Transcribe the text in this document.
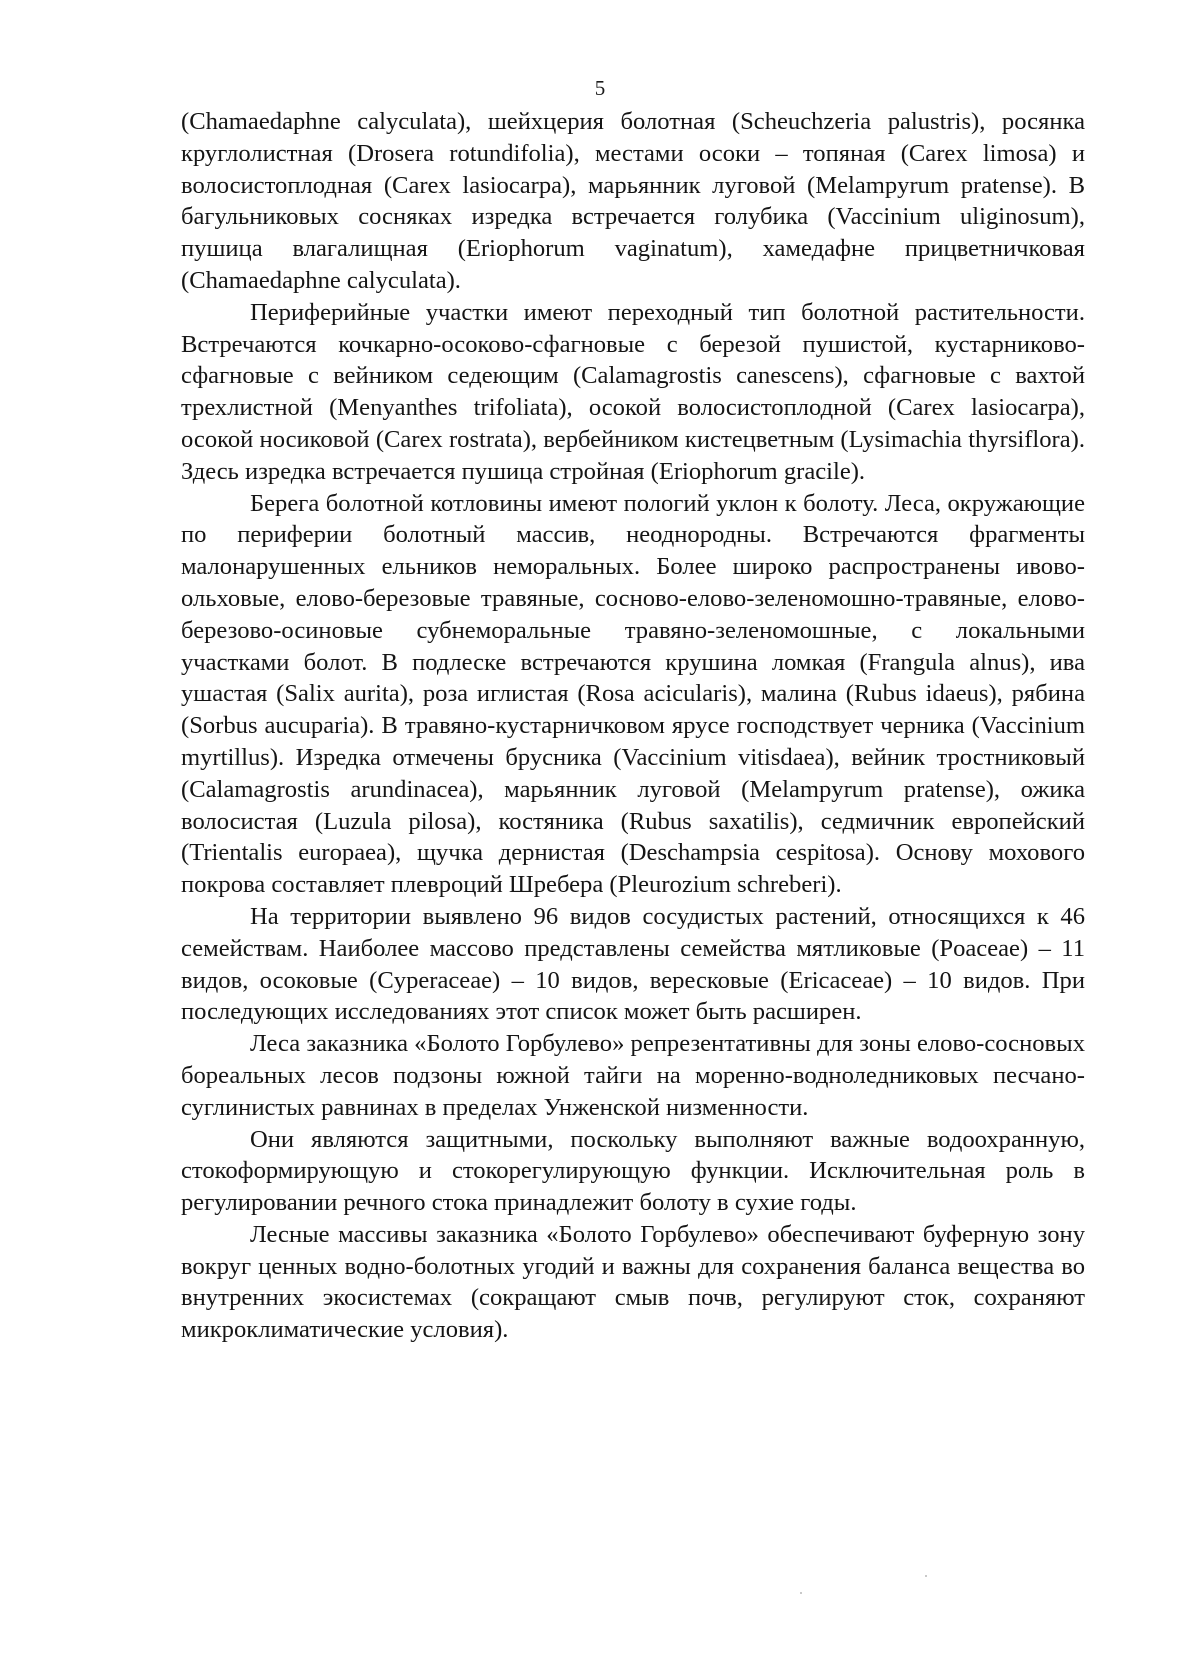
5

(Chamaedaphne calyculata), шейхцерия болотная (Scheuchzeria palustris), росянка круглолистная (Drosera rotundifolia), местами осоки – топяная (Carex limosa) и волосистоплодная (Carex lasiocarpa), марьянник луговой (Melampyrum pratense). В багульниковых сосняках изредка встречается голубика (Vaccinium uliginosum), пушица влагалищная (Eriophorum vaginatum), хамедафне прицветничковая (Chamaedaphne calyculata).

Периферийные участки имеют переходный тип болотной растительности. Встречаются кочкарно-осоково-сфагновые с березой пушистой, кустарниково-сфагновые с вейником седеющим (Calamagrostis canescens), сфагновые с вахтой трехлистной (Menyanthes trifoliata), осокой волосистоплодной (Carex lasiocarpa), осокой носиковой (Carex rostrata), вербейником кистецветным (Lysimachia thyrsiflora). Здесь изредка встречается пушица стройная (Eriophorum gracile).

Берега болотной котловины имеют пологий уклон к болоту. Леса, окружающие по периферии болотный массив, неоднородны. Встречаются фрагменты малонарушенных ельников неморальных. Более широко распространены ивово-ольховые, елово-березовые травяные, сосново-елово-зеленомошно-травяные, елово-березово-осиновые субнеморальные травяно-зеленомошные, с локальными участками болот. В подлеске встречаются крушина ломкая (Frangula alnus), ива ушастая (Salix aurita), роза иглистая (Rosa acicularis), малина (Rubus idaeus), рябина (Sorbus aucuparia). В травяно-кустарничковом ярусе господствует черника (Vaccinium myrtillus). Изредка отмечены брусника (Vaccinium vitisdaea), вейник тростниковый (Calamagrostis arundinacea), марьянник луговой (Melampyrum pratense), ожика волосистая (Luzula pilosa), костяника (Rubus saxatilis), седмичник европейский (Trientalis europaea), щучка дернистая (Deschampsia cespitosa). Основу мохового покрова составляет плевроций Шребера (Pleurozium schreberi).

На территории выявлено 96 видов сосудистых растений, относящихся к 46 семействам. Наиболее массово представлены семейства мятликовые (Poaceae) – 11 видов, осоковые (Cyperaceae) – 10 видов, вересковые (Ericaceae) – 10 видов. При последующих исследованиях этот список может быть расширен.

Леса заказника «Болото Горбулево» репрезентативны для зоны елово-сосновых бореальных лесов подзоны южной тайги на моренно-водноледниковых песчано-суглинистых равнинах в пределах Унженской низменности.

Они являются защитными, поскольку выполняют важные водоохранную, стокоформирующую и стокорегулирующую функции. Исключительная роль в регулировании речного стока принадлежит болоту в сухие годы.

Лесные массивы заказника «Болото Горбулево» обеспечивают буферную зону вокруг ценных водно-болотных угодий и важны для сохранения баланса вещества во внутренних экосистемах (сокращают смыв почв, регулируют сток, сохраняют микроклиматические условия).
